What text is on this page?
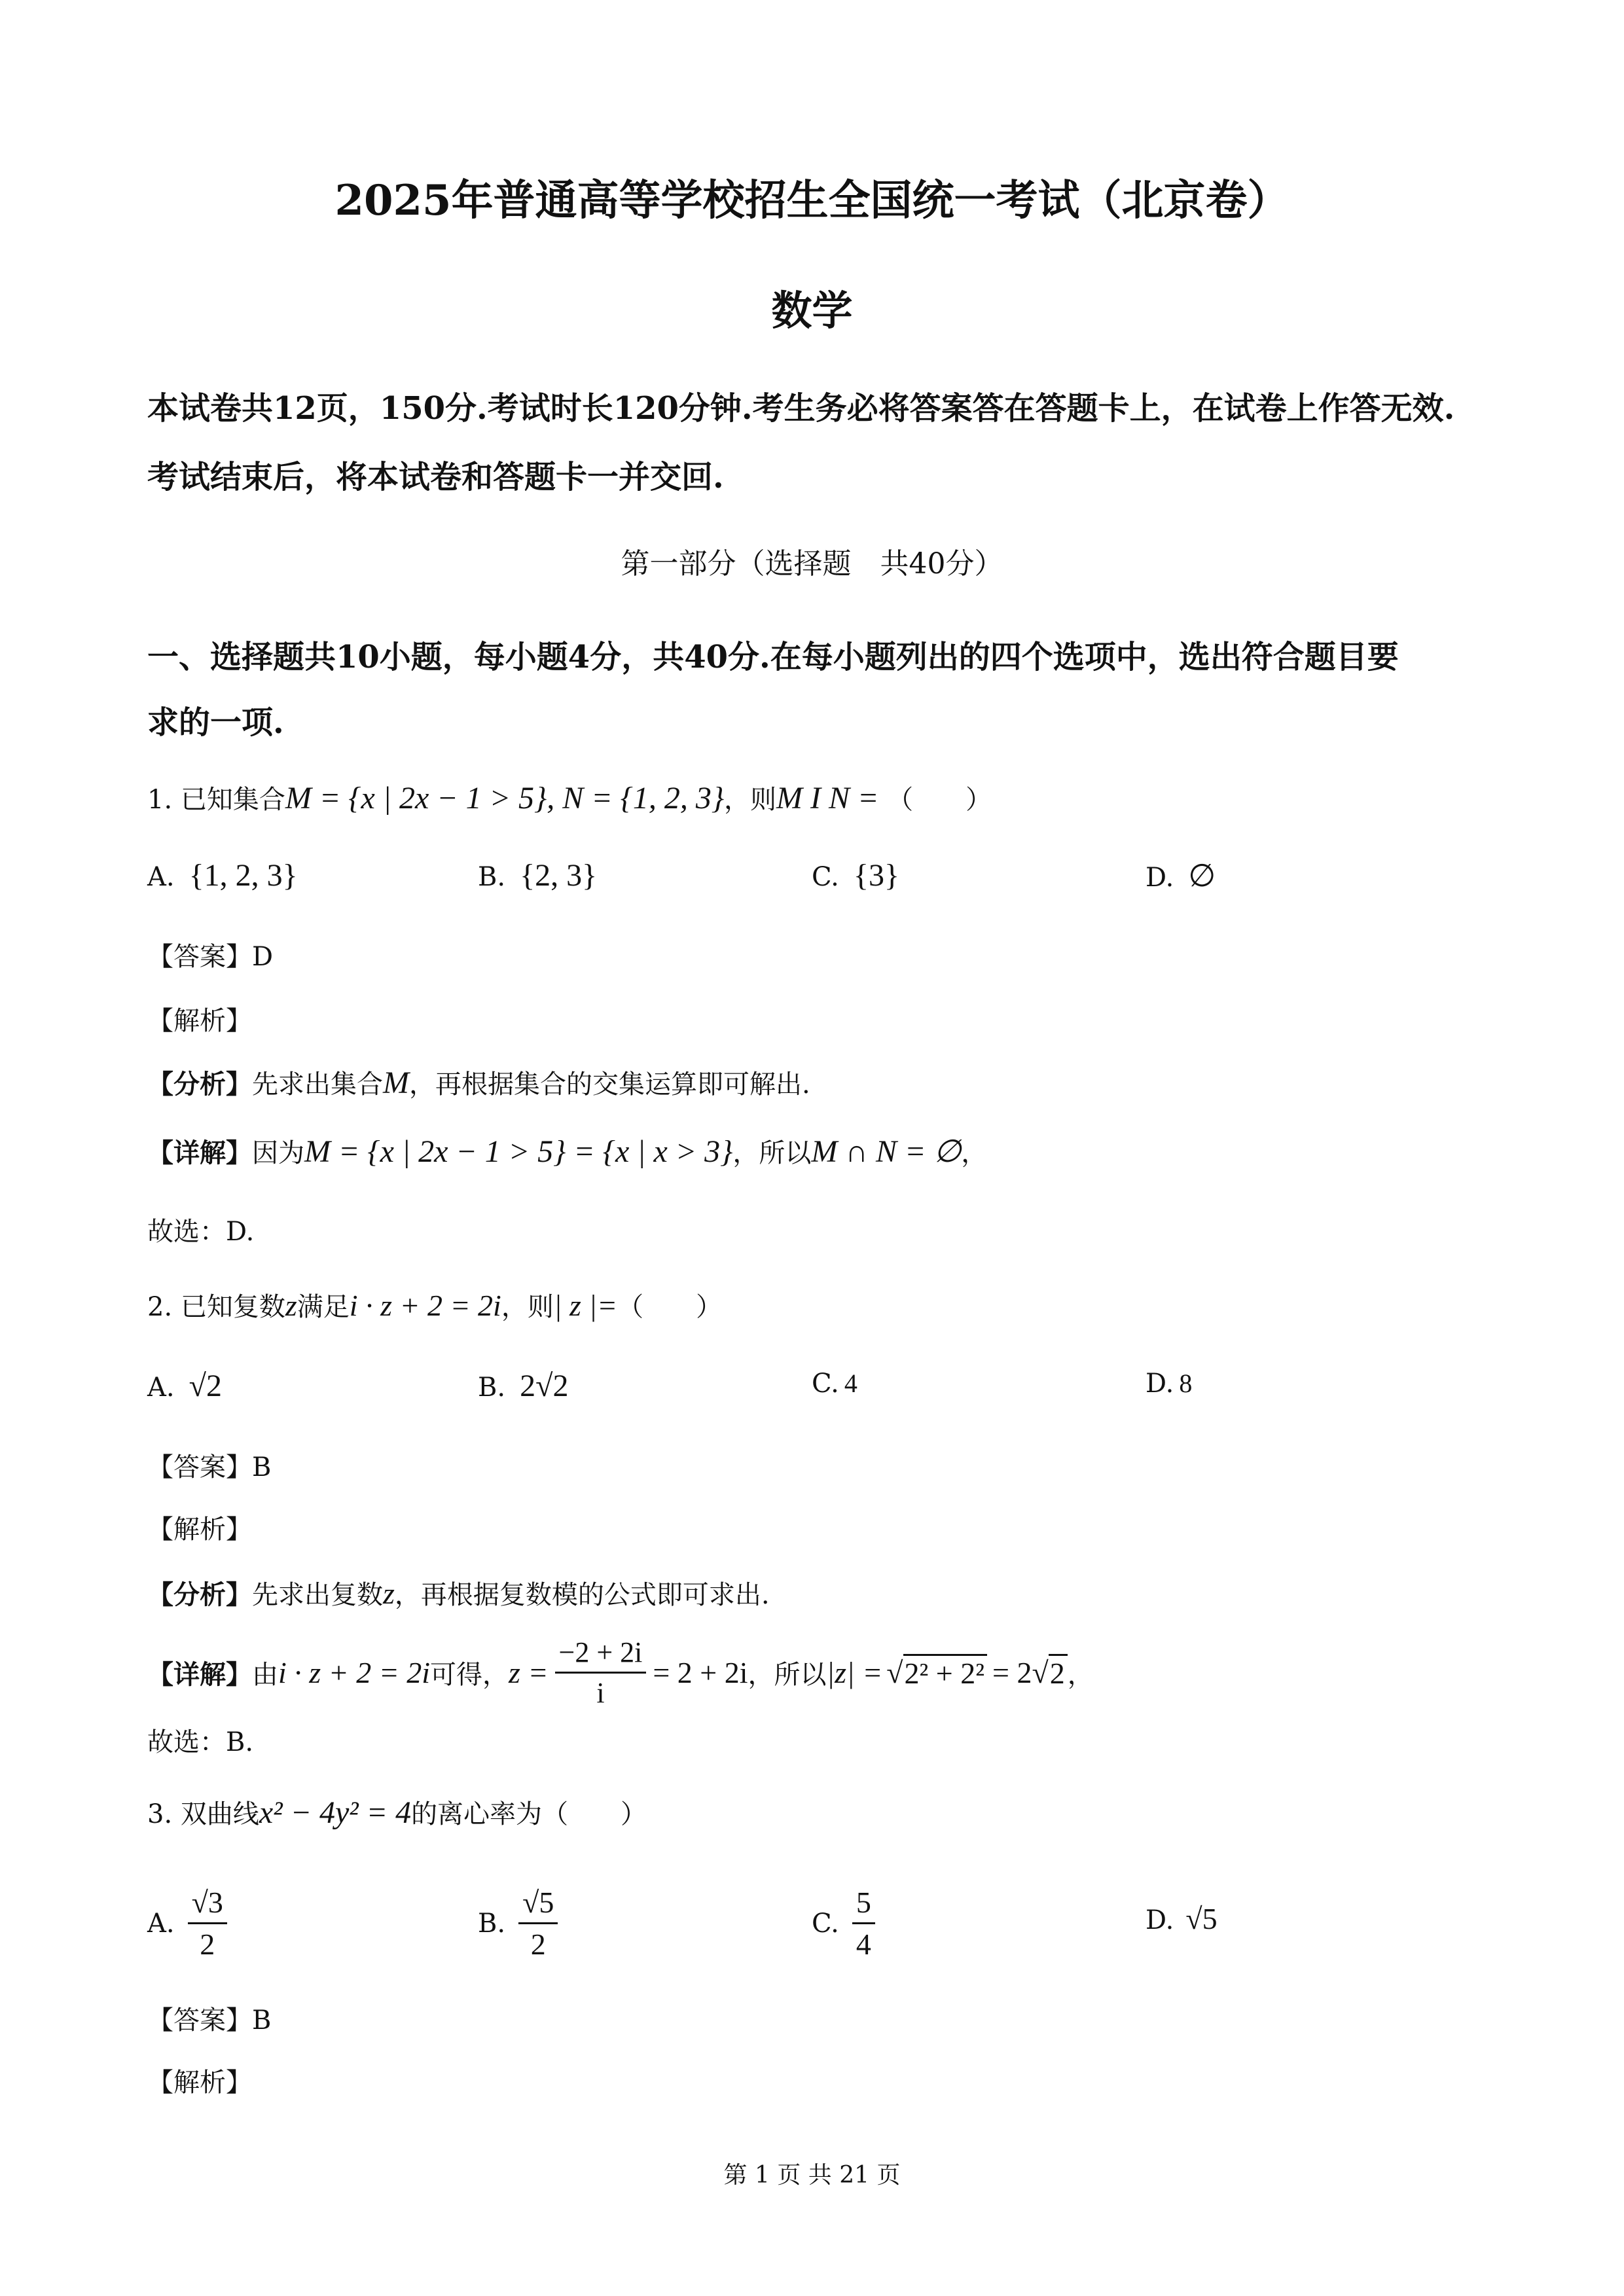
2025年普通高等学校招生全国统一考试（北京卷）
数学
本试卷共12页，150分.考试时长120分钟.考生务必将答案答在答题卡上，在试卷上作答无效.
考试结束后，将本试卷和答题卡一并交回.
第一部分（选择题　共40分）
一、选择题共10小题，每小题4分，共40分.在每小题列出的四个选项中，选出符合题目要
求的一项.
1. 已知集合M = {x | 2x − 1 > 5}, N = {1, 2, 3}，则M I N = （　　）
A. {1, 2, 3}	B. {2, 3}	C. {3}	D. ∅
【答案】D
【解析】
【分析】先求出集合M，再根据集合的交集运算即可解出.
【详解】因为M = {x | 2x − 1 > 5} = {x | x > 3}，所以M ∩ N = ∅，
故选：D.
2. 已知复数z满足i · z + 2 = 2i，则| z |=（　　）
A. √2	B. 2√2	C. 4	D. 8
【答案】B
【解析】
【分析】先求出复数z，再根据复数模的公式即可求出.
【详解】 由 i · z + 2 = 2i 可得， $z = \frac{-2 + 2i}{i} = 2 + 2i$ ，所以 |z| = √ 2² + 2² = 2 √ 2 ，
故选：B.
3. 双曲线x² − 4y² = 4的离心率为（　　）
A. $\frac{√3}{2}$	B. $\frac{√5}{2}$	C. $\frac{5}{4}$	D. √5
【答案】B
【解析】
第 1 页 共 21 页
